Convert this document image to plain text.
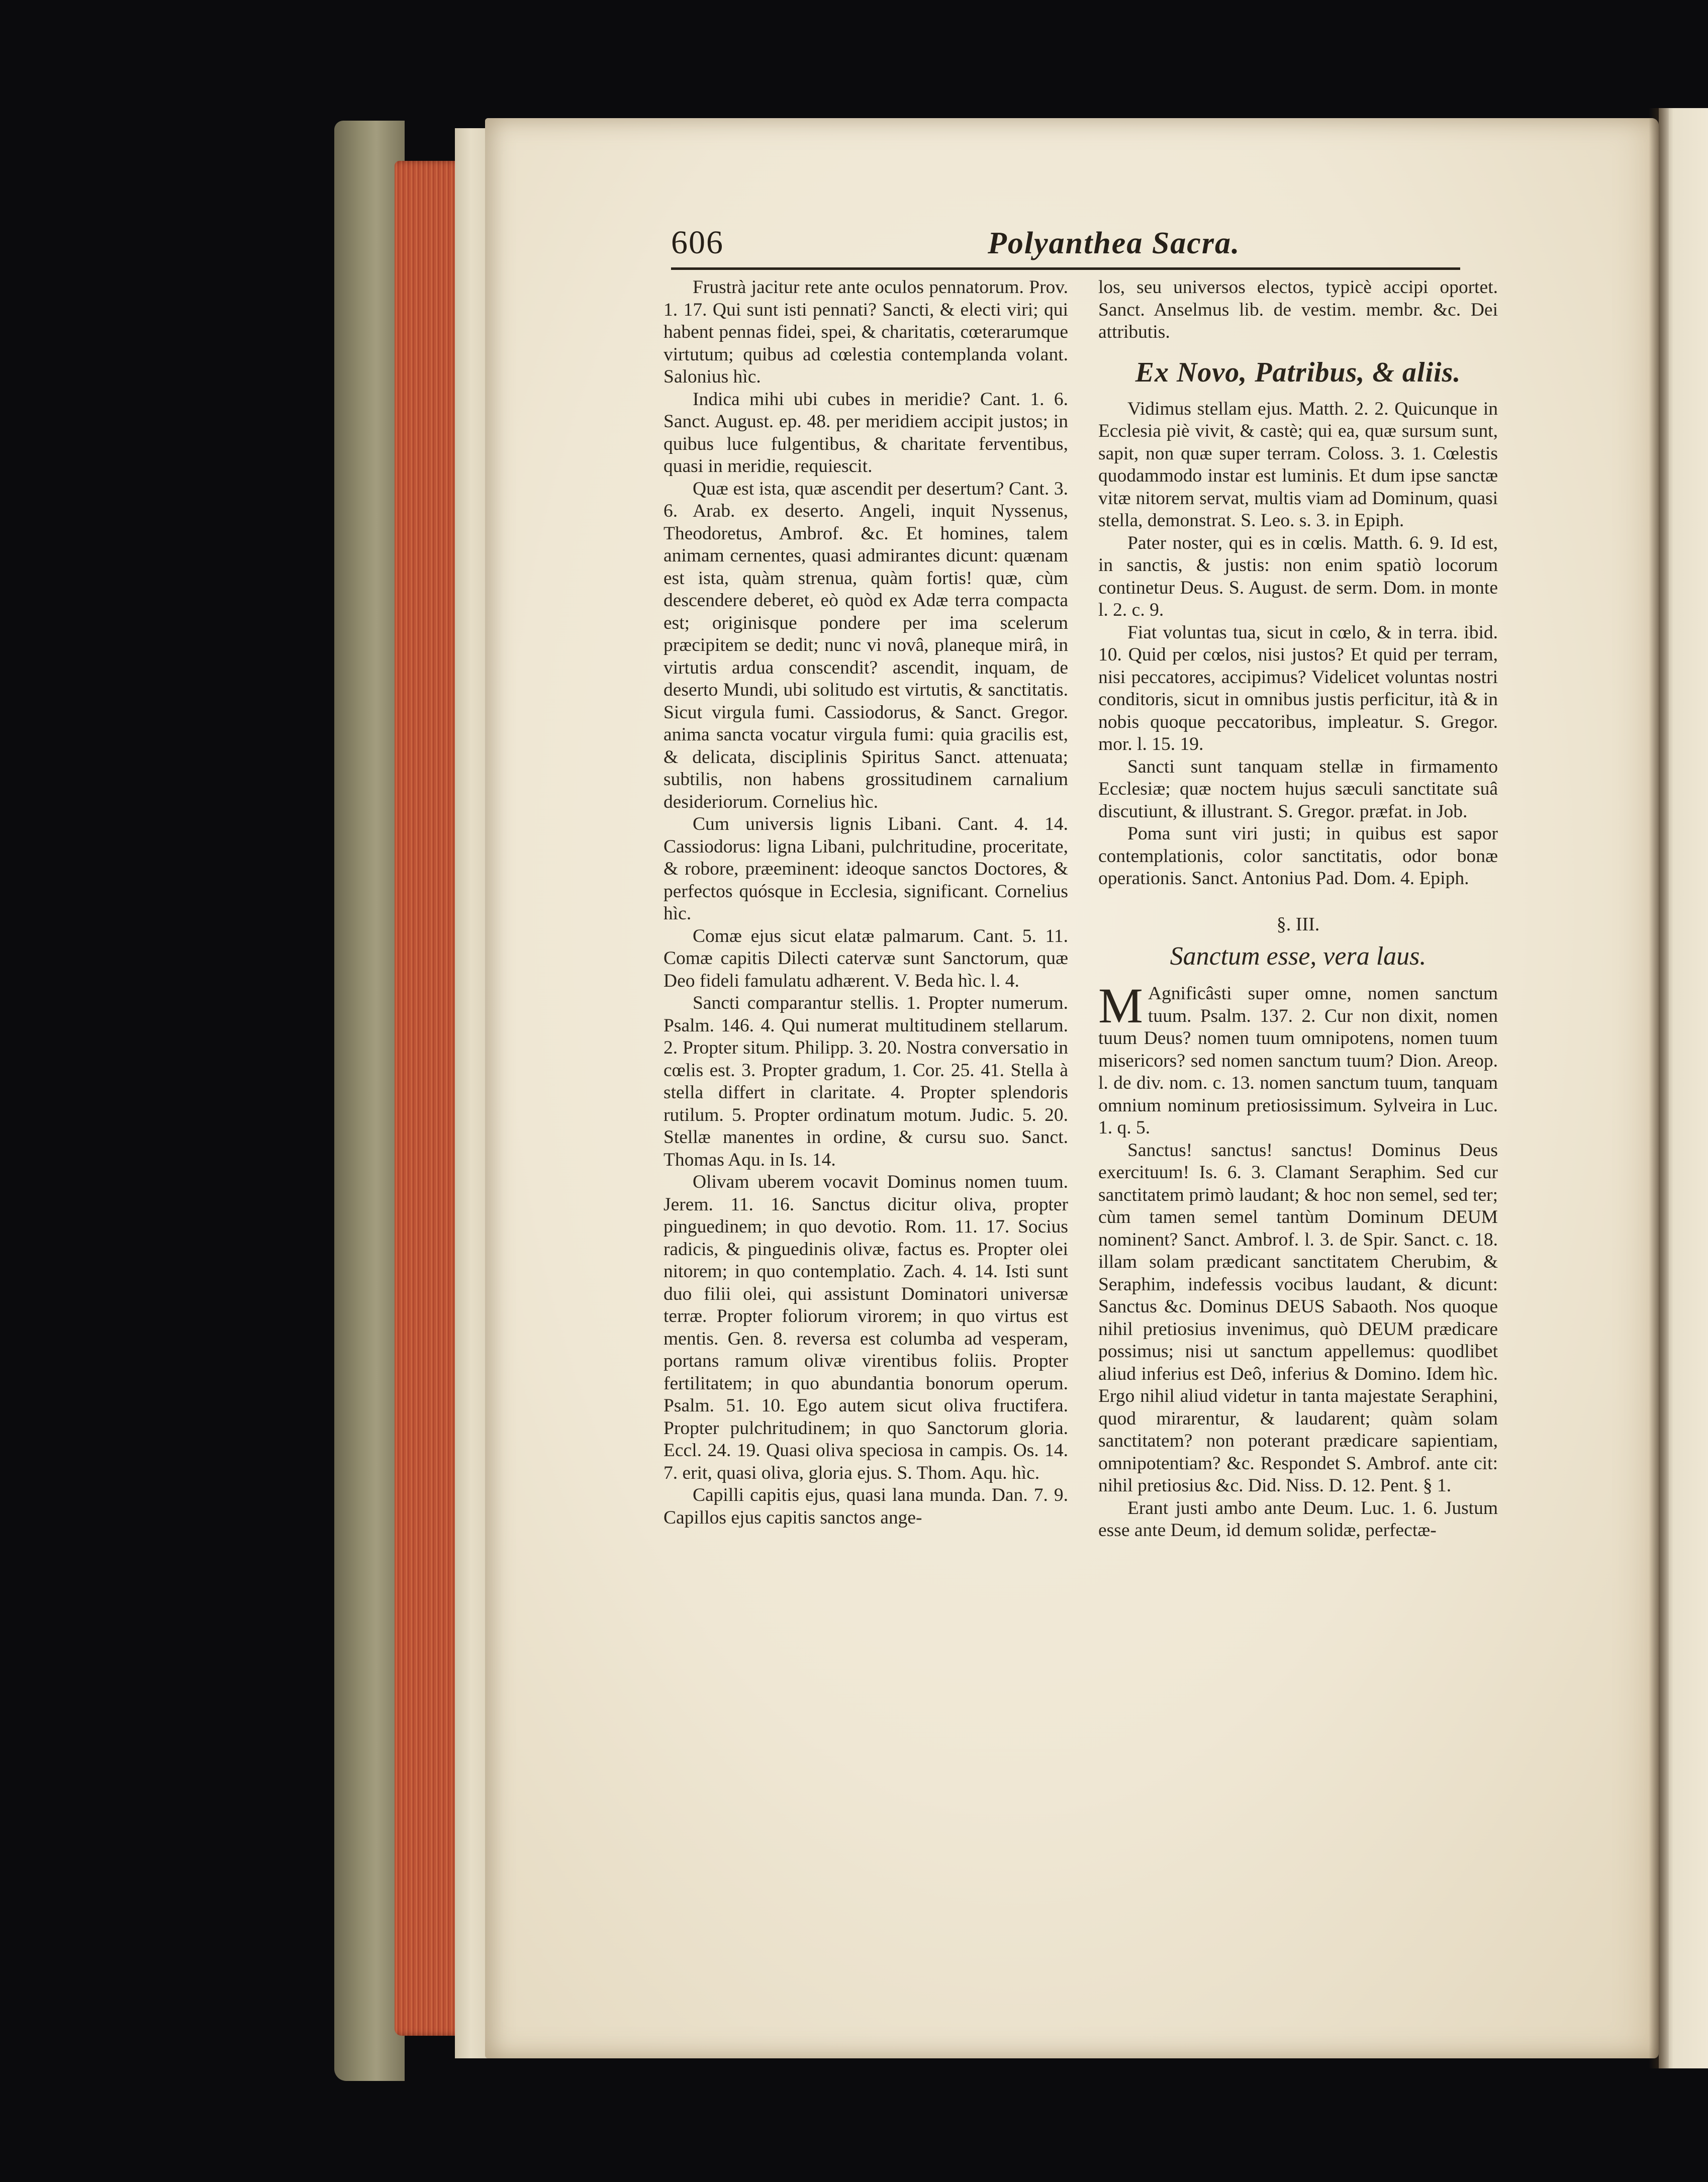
606	Polyanthea Sacra.

Frustrà jacitur rete ante oculos pennatorum. Prov. 1. 17. Qui sunt isti pennati? Sancti, & electi viri; qui habent pennas fidei, spei, & charitatis, cœterarumque virtutum; quibus ad cœlestia contemplanda volant. Salonius hìc.

Indica mihi ubi cubes in meridie? Cant. 1. 6. Sanct. August. ep. 48. per meridiem accipit justos; in quibus luce fulgentibus, & charitate ferventibus, quasi in meridie, requiescit.

Quæ est ista, quæ ascendit per desertum? Cant. 3. 6. Arab. ex deserto. Angeli, inquit Nyssenus, Theodoretus, Ambrof. &c. Et homines, talem animam cernentes, quasi admirantes dicunt: quænam est ista, quàm strenua, quàm fortis! quæ, cùm descendere deberet, eò quòd ex Adæ terra compacta est; originisque pondere per ima scelerum præcipitem se dedit; nunc vi novâ, planeque mirâ, in virtutis ardua conscendit? ascendit, inquam, de deserto Mundi, ubi solitudo est virtutis, & sanctitatis. Sicut virgula fumi. Cassiodorus, & Sanct. Gregor. anima sancta vocatur virgula fumi: quia gracilis est, & delicata, disciplinis Spiritus Sanct. attenuata; subtilis, non habens grossitudinem carnalium desideriorum. Cornelius hìc.

Cum universis lignis Libani. Cant. 4. 14. Cassiodorus: ligna Libani, pulchritudine, proceritate, & robore, præeminent: ideoque sanctos Doctores, & perfectos quósque in Ecclesia, significant. Cornelius hìc.

Comæ ejus sicut elatæ palmarum. Cant. 5. 11. Comæ capitis Dilecti catervæ sunt Sanctorum, quæ Deo fideli famulatu adhærent. V. Beda hìc. l. 4.

Sancti comparantur stellis. 1. Propter numerum. Psalm. 146. 4. Qui numerat multitudinem stellarum. 2. Propter situm. Philipp. 3. 20. Nostra conversatio in cœlis est. 3. Propter gradum, 1. Cor. 25. 41. Stella à stella differt in claritate. 4. Propter splendoris rutilum. 5. Propter ordinatum motum. Judic. 5. 20. Stellæ manentes in ordine, & cursu suo. Sanct. Thomas Aqu. in Is. 14.

Olivam uberem vocavit Dominus nomen tuum. Jerem. 11. 16. Sanctus dicitur oliva, propter pinguedinem; in quo devotio. Rom. 11. 17. Socius radicis, & pinguedinis olivæ, factus es. Propter olei nitorem; in quo contemplatio. Zach. 4. 14. Isti sunt duo filii olei, qui assistunt Dominatori universæ terræ. Propter foliorum virorem; in quo virtus est mentis. Gen. 8. reversa est columba ad vesperam, portans ramum olivæ virentibus foliis. Propter fertilitatem; in quo abundantia bonorum operum. Psalm. 51. 10. Ego autem sicut oliva fructifera. Propter pulchritudinem; in quo Sanctorum gloria. Eccl. 24. 19. Quasi oliva speciosa in campis. Os. 14. 7. erit, quasi oliva, gloria ejus. S. Thom. Aqu. hìc.

Capilli capitis ejus, quasi lana munda. Dan. 7. 9. Capillos ejus capitis sanctos ange-

los, seu universos electos, typicè accipi oportet. Sanct. Anselmus lib. de vestim. membr. &c. Dei attributis.

Ex Novo, Patribus, & aliis.

Vidimus stellam ejus. Matth. 2. 2. Quicunque in Ecclesia piè vivit, & castè; qui ea, quæ sursum sunt, sapit, non quæ super terram. Coloss. 3. 1. Cœlestis quodammodo instar est luminis. Et dum ipse sanctæ vitæ nitorem servat, multis viam ad Dominum, quasi stella, demonstrat. S. Leo. s. 3. in Epiph.

Pater noster, qui es in cœlis. Matth. 6. 9. Id est, in sanctis, & justis: non enim spatiò locorum continetur Deus. S. August. de serm. Dom. in monte l. 2. c. 9.

Fiat voluntas tua, sicut in cœlo, & in terra. ibid. 10. Quid per cœlos, nisi justos? Et quid per terram, nisi peccatores, accipimus? Videlicet voluntas nostri conditoris, sicut in omnibus justis perficitur, ità & in nobis quoque peccatoribus, impleatur. S. Gregor. mor. l. 15. 19.

Sancti sunt tanquam stellæ in firmamento Ecclesiæ; quæ noctem hujus sæculi sanctitate suâ discutiunt, & illustrant. S. Gregor. præfat. in Job.

Poma sunt viri justi; in quibus est sapor contemplationis, color sanctitatis, odor bonæ operationis. Sanct. Antonius Pad. Dom. 4. Epiph.

§. III.
Sanctum esse, vera laus.

M Agnificâsti super omne, nomen sanctum tuum. Psalm. 137. 2. Cur non dixit, nomen tuum Deus? nomen tuum omnipotens, nomen tuum misericors? sed nomen sanctum tuum? Dion. Areop. l. de div. nom. c. 13. nomen sanctum tuum, tanquam omnium nominum pretiosissimum. Sylveira in Luc. 1. q. 5.

Sanctus! sanctus! sanctus! Dominus Deus exercituum! Is. 6. 3. Clamant Seraphim. Sed cur sanctitatem primò laudant; & hoc non semel, sed ter; cùm tamen semel tantùm Dominum DEUM nominent? Sanct. Ambrof. l. 3. de Spir. Sanct. c. 18. illam solam prædicant sanctitatem Cherubim, & Seraphim, indefessis vocibus laudant, & dicunt: Sanctus &c. Dominus DEUS Sabaoth. Nos quoque nihil pretiosius invenimus, quò DEUM prædicare possimus; nisi ut sanctum appellemus: quodlibet aliud inferius est Deô, inferius & Domino. Idem hìc. Ergo nihil aliud videtur in tanta majestate Seraphini, quod mirarentur, & laudarent; quàm solam sanctitatem? non poterant prædicare sapientiam, omnipotentiam? &c. Respondet S. Ambrof. ante cit: nihil pretiosius &c. Did. Niss. D. 12. Pent. § 1.

Erant justi ambo ante Deum. Luc. 1. 6. Justum esse ante Deum, id demum solidæ, perfectæ-
